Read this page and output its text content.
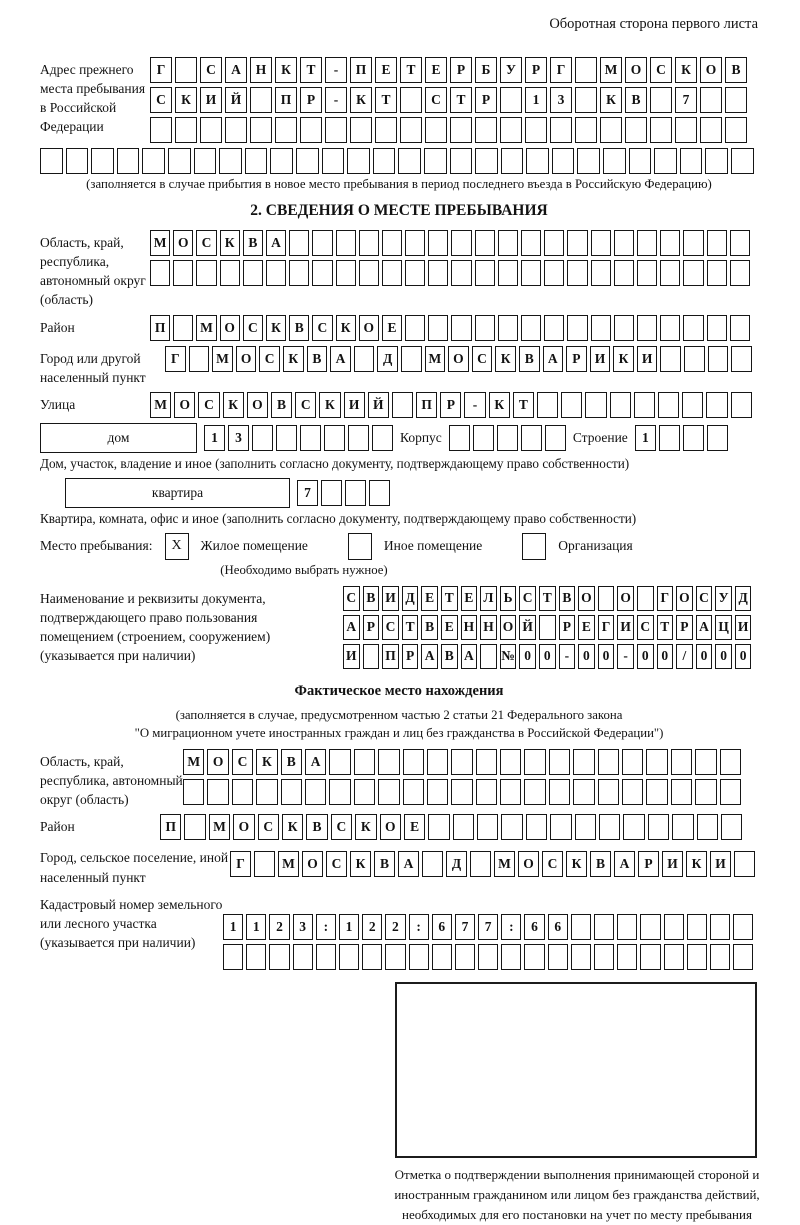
Оборотная сторона первого листа
Адрес прежнего места пребывания в Российской Федерации
Г	С	А	Н	К	Т	-	П	Е	Т	Е	Р	Б	У	Р	Г	М О	С	К	О	В
С	К	И	Й	П	Р	-	К	Т	С	Т	Р	1	3	К	В	7
(заполняется в случае прибытия в новое место пребывания в период последнего въезда в Российскую Федерацию)
2. СВЕДЕНИЯ О МЕСТЕ ПРЕБЫВАНИЯ
Область, край, республика, автономный округ (область)
М О С К	В	А
Район	П	М О С К	В	С К О Е
Город или другой населенный пункт
Г	М О С	К	В	А	Д	М О С	К	В	А	Р	И К И
Улица	М О	С	К	О	В	С	К	И	Й	П	Р	-	К	Т
дом	1	3	Корпус	Строение	1
Дом, участок, владение и иное (заполнить согласно документу, подтверждающему право собственности)
квартира	7
Квартира, комната, офис и иное (заполнить согласно документу, подтверждающему право собственности)
Место пребывания:	X	Жилое помещение	Иное помещение	Организация
(Необходимо выбрать нужное)
Наименование и реквизиты документа, подтверждающего право пользования помещением (строением, сооружением) (указывается при наличии)
С В И Д Е Т Е Л Ь С Т В О О Г О С У Д
А Р С Т В Е Н Н О Й	Р Е Г И С Т Р А Ц И
И П Р А В А № 0 0	-	0 0	-	0 0	/	0 0 0
Фактическое место нахождения
(заполняется в случае, предусмотренном частью 2 статьи 21 Федерального закона
"О миграционном учете иностранных граждан и лиц без гражданства в Российской Федерации")
Область, край, республика, автономный округ (область)
М О	С	К	В	А
Район	П	М О	С	К	В	С	К	О	Е
Город, сельское поселение, иной населенный пункт
Г	М О	С	К	В	А	Д	М О	С	К	В	А	Р	И	К	И
Кадастровый номер земельного или лесного участка (указывается при наличии)
1	1	2	3	:	1	2	2	:	6	7	7	:	6	6
Отметка о подтверждении выполнения принимающей стороной и иностранным гражданином или лицом без гражданства действий, необходимых для его постановки на учет по месту пребывания
